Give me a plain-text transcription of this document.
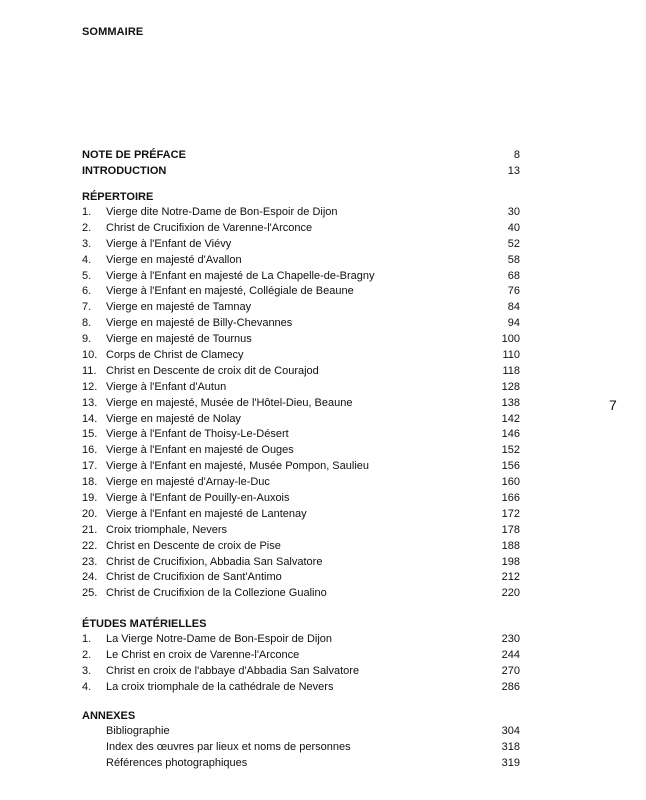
SOMMAIRE
NOTE DE PRÉFACE	8
INTRODUCTION	13
RÉPERTOIRE
1.	Vierge dite Notre-Dame de Bon-Espoir de Dijon	30
2.	Christ de Crucifixion de Varenne-l'Arconce	40
3.	Vierge à l'Enfant de Viévy	52
4.	Vierge en majesté d'Avallon	58
5.	Vierge à l'Enfant en majesté de La Chapelle-de-Bragny	68
6.	Vierge à l'Enfant en majesté, Collégiale de Beaune	76
7.	Vierge en majesté de Tamnay	84
8.	Vierge en majesté de Billy-Chevannes	94
9.	Vierge en majesté de Tournus	100
10. Corps de Christ de Clamecy	110
11. Christ en Descente de croix dit de Courajod	118
12. Vierge à l'Enfant d'Autun	128
13. Vierge en majesté, Musée de l'Hôtel-Dieu, Beaune	138
14. Vierge en majesté de Nolay	142
15. Vierge à l'Enfant de Thoisy-Le-Désert	146
16. Vierge à l'Enfant en majesté de Ouges	152
17. Vierge à l'Enfant en majesté, Musée Pompon, Saulieu	156
18. Vierge en majesté d'Arnay-le-Duc	160
19. Vierge à l'Enfant de Pouilly-en-Auxois	166
20. Vierge à l'Enfant en majesté de Lantenay	172
21. Croix triomphale, Nevers	178
22. Christ en Descente de croix de Pise	188
23. Christ de Crucifixion, Abbadia San Salvatore	198
24. Christ de Crucifixion de Sant'Antimo	212
25. Christ de Crucifixion de la Collezione Gualino	220
ÉTUDES MATÉRIELLES
1.	La Vierge Notre-Dame de Bon-Espoir de Dijon	230
2.	Le Christ en croix de Varenne-l'Arconce	244
3.	Christ en croix de l'abbaye d'Abbadia San Salvatore	270
4.	La croix triomphale de la cathédrale de Nevers	286
ANNEXES
Bibliographie	304
Index des œuvres par lieux et noms de personnes	318
Références photographiques	319
7
